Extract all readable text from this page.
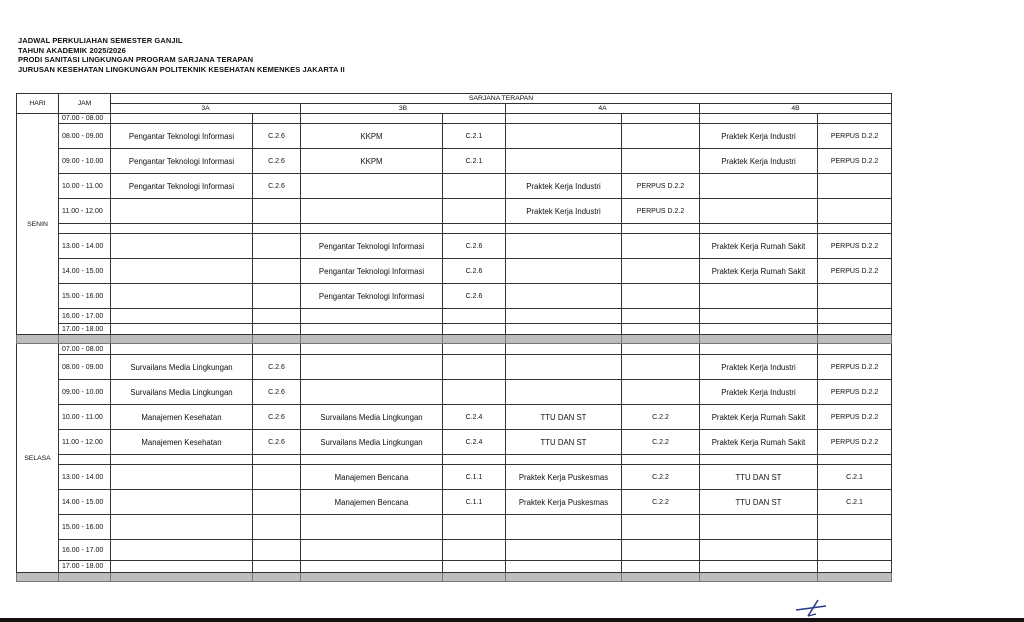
JADWAL PERKULIAHAN SEMESTER GANJIL
TAHUN AKADEMIK 2025/2026
PRODI SANITASI LINGKUNGAN PROGRAM SARJANA TERAPAN
JURUSAN KESEHATAN LINGKUNGAN POLITEKNIK KESEHATAN KEMENKES JAKARTA II
HARI	JAM	SARJANA TERAPAN							
		3A		3B		4A		4B	
SENIN	07.00 - 08.00								
	08.00 - 09.00	Pengantar Teknologi Informasi	C.2.6	KKPM	C.2.1			Praktek Kerja Industri	PERPUS D.2.2
	09.00 - 10.00	Pengantar Teknologi Informasi	C.2.6	KKPM	C.2.1			Praktek Kerja Industri	PERPUS D.2.2
	10.00 - 11.00	Pengantar Teknologi Informasi	C.2.6			Praktek Kerja Industri	PERPUS D.2.2		
	11.00 - 12.00					Praktek Kerja Industri	PERPUS D.2.2		

	13.00 - 14.00			Pengantar Teknologi Informasi	C.2.6			Praktek Kerja Rumah Sakit	PERPUS D.2.2
	14.00 - 15.00			Pengantar Teknologi Informasi	C.2.6			Praktek Kerja Rumah Sakit	PERPUS D.2.2
	15.00 - 16.00			Pengantar Teknologi Informasi	C.2.6				
	16.00 - 17.00								
	17.00 - 18.00								

SELASA	07.00 - 08.00								
	08.00 - 09.00	Survailans Media Lingkungan	C.2.6					Praktek Kerja Industri	PERPUS D.2.2
	09.00 - 10.00	Survailans Media Lingkungan	C.2.6					Praktek Kerja Industri	PERPUS D.2.2
	10.00 - 11.00	Manajemen Kesehatan	C.2.6	Survailans Media Lingkungan	C.2.4	TTU DAN ST	C.2.2	Praktek Kerja Rumah Sakit	PERPUS D.2.2
	11.00 - 12.00	Manajemen Kesehatan	C.2.6	Survailans Media Lingkungan	C.2.4	TTU DAN ST	C.2.2	Praktek Kerja Rumah Sakit	PERPUS D.2.2

	13.00 - 14.00			Manajemen Bencana	C.1.1	Praktek Kerja Puskesmas	C.2.2	TTU DAN ST	C.2.1
	14.00 - 15.00			Manajemen Bencana	C.1.1	Praktek Kerja Puskesmas	C.2.2	TTU DAN ST	C.2.1
	15.00 - 16.00								
	16.00 - 17.00								
	17.00 - 18.00								
